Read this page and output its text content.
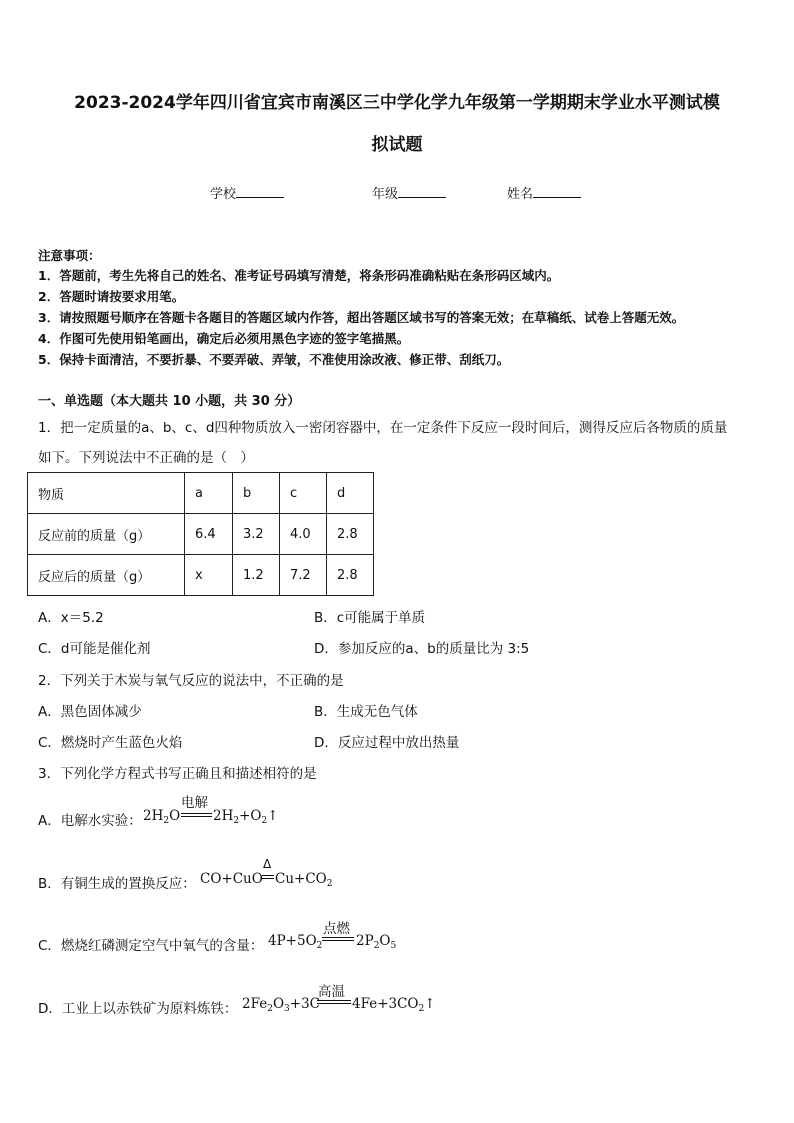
2023-2024学年四川省宜宾市南溪区三中学化学九年级第一学期期末学业水平测试模
拟试题
学校	年级	姓名
注意事项：
1．答题前，考生先将自己的姓名、准考证号码填写清楚，将条形码准确粘贴在条形码区域内。
2．答题时请按要求用笔。
3．请按照题号顺序在答题卡各题目的答题区域内作答，超出答题区域书写的答案无效；在草稿纸、试卷上答题无效。
4．作图可先使用铅笔画出，确定后必须用黑色字迹的签字笔描黑。
5．保持卡面清洁，不要折暴、不要弄破、弄皱，不准使用涂改液、修正带、刮纸刀。
一、单选题（本大题共 10 小题，共 30 分）
1．把一定质量的a、b、c、d四种物质放入一密闭容器中，在一定条件下反应一段时间后，测得反应后各物质的质量
如下。下列说法中不正确的是（　）
物质	a	b	c	d
反应前的质量（g）	6.4	3.2	4.0	2.8
反应后的质量（g）	x	1.2	7.2	2.8
A．x＝5.2	B．c可能属于单质
C．d可能是催化剂	D．参加反应的a、b的质量比为 3:5
2．下列关于木炭与氧气反应的说法中，不正确的是
A．黑色固体减少	B．生成无色气体
C．燃烧时产生蓝色火焰	D．反应过程中放出热量
3．下列化学方程式书写正确且和描述相符的是
A．电解水实验： $2H_2O$
电解
$2H_2+O_2↑$
B．有铜生成的置换反应： CO+CuO
Δ
$Cu+CO_2$
C．燃烧红磷测定空气中氧气的含量： $4P+5O_2$
点燃
$2P_2O_5$
D．工业上以赤铁矿为原料炼铁： $2Fe_2O_3+3C$
高温
$4Fe+3CO_2↑$
